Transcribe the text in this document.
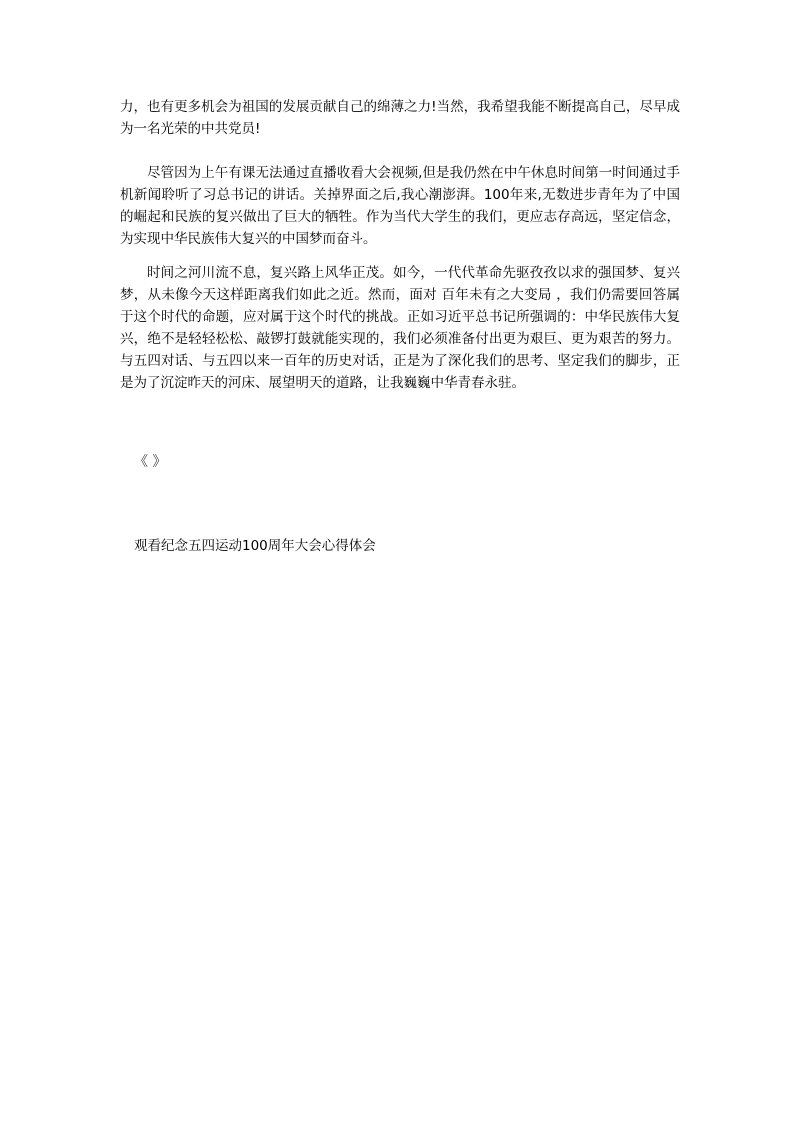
力，也有更多机会为祖国的发展贡献自己的绵薄之力!当然，我希望我能不断提高自己，尽早成为一名光荣的中共党员!

尽管因为上午有课无法通过直播收看大会视频,但是我仍然在中午休息时间第一时间通过手机新闻聆听了习总书记的讲话。关掉界面之后,我心潮澎湃。100年来,无数进步青年为了中国的崛起和民族的复兴做出了巨大的牺牲。作为当代大学生的我们，更应志存高远，坚定信念，为实现中华民族伟大复兴的中国梦而奋斗。

时间之河川流不息，复兴路上风华正茂。如今，一代代革命先驱孜孜以求的强国梦、复兴梦，从未像今天这样距离我们如此之近。然而，面对 百年未有之大变局 ，我们仍需要回答属于这个时代的命题，应对属于这个时代的挑战。正如习近平总书记所强调的：中华民族伟大复兴，绝不是轻轻松松、敲锣打鼓就能实现的，我们必须准备付出更为艰巨、更为艰苦的努力。 与五四对话、与五四以来一百年的历史对话，正是为了深化我们的思考、坚定我们的脚步，正是为了沉淀昨天的河床、展望明天的道路，让我巍巍中华青春永驻。

《 》
观看纪念五四运动100周年大会心得体会
